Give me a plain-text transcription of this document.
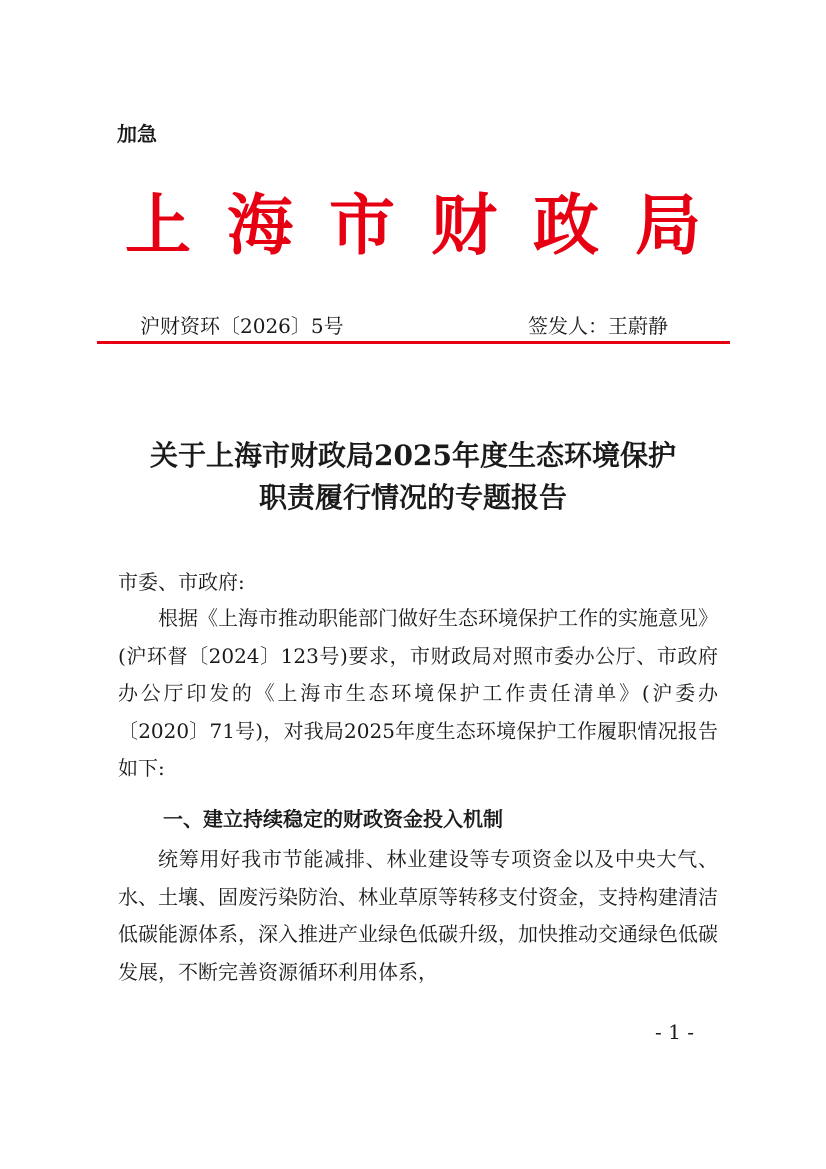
加急
上海市财政局
沪财资环〔2026〕5号	签发人：王蔚静
关于上海市财政局2025年度生态环境保护
职责履行情况的专题报告

市委、市政府:

根据《上海市推动职能部门做好生态环境保护工作的实施意见》(沪环督〔2024〕123号)要求，市财政局对照市委办公厅、市政府办公厅印发的《上海市生态环境保护工作责任清单》(沪委办〔2020〕71号)，对我局2025年度生态环境保护工作履职情况报告如下:

一、建立持续稳定的财政资金投入机制

统筹用好我市节能减排、林业建设等专项资金以及中央大气、水、土壤、固废污染防治、林业草原等转移支付资金，支持构建清洁低碳能源体系，深入推进产业绿色低碳升级，加快推动交通绿色低碳发展，不断完善资源循环利用体系，

- 1 -
